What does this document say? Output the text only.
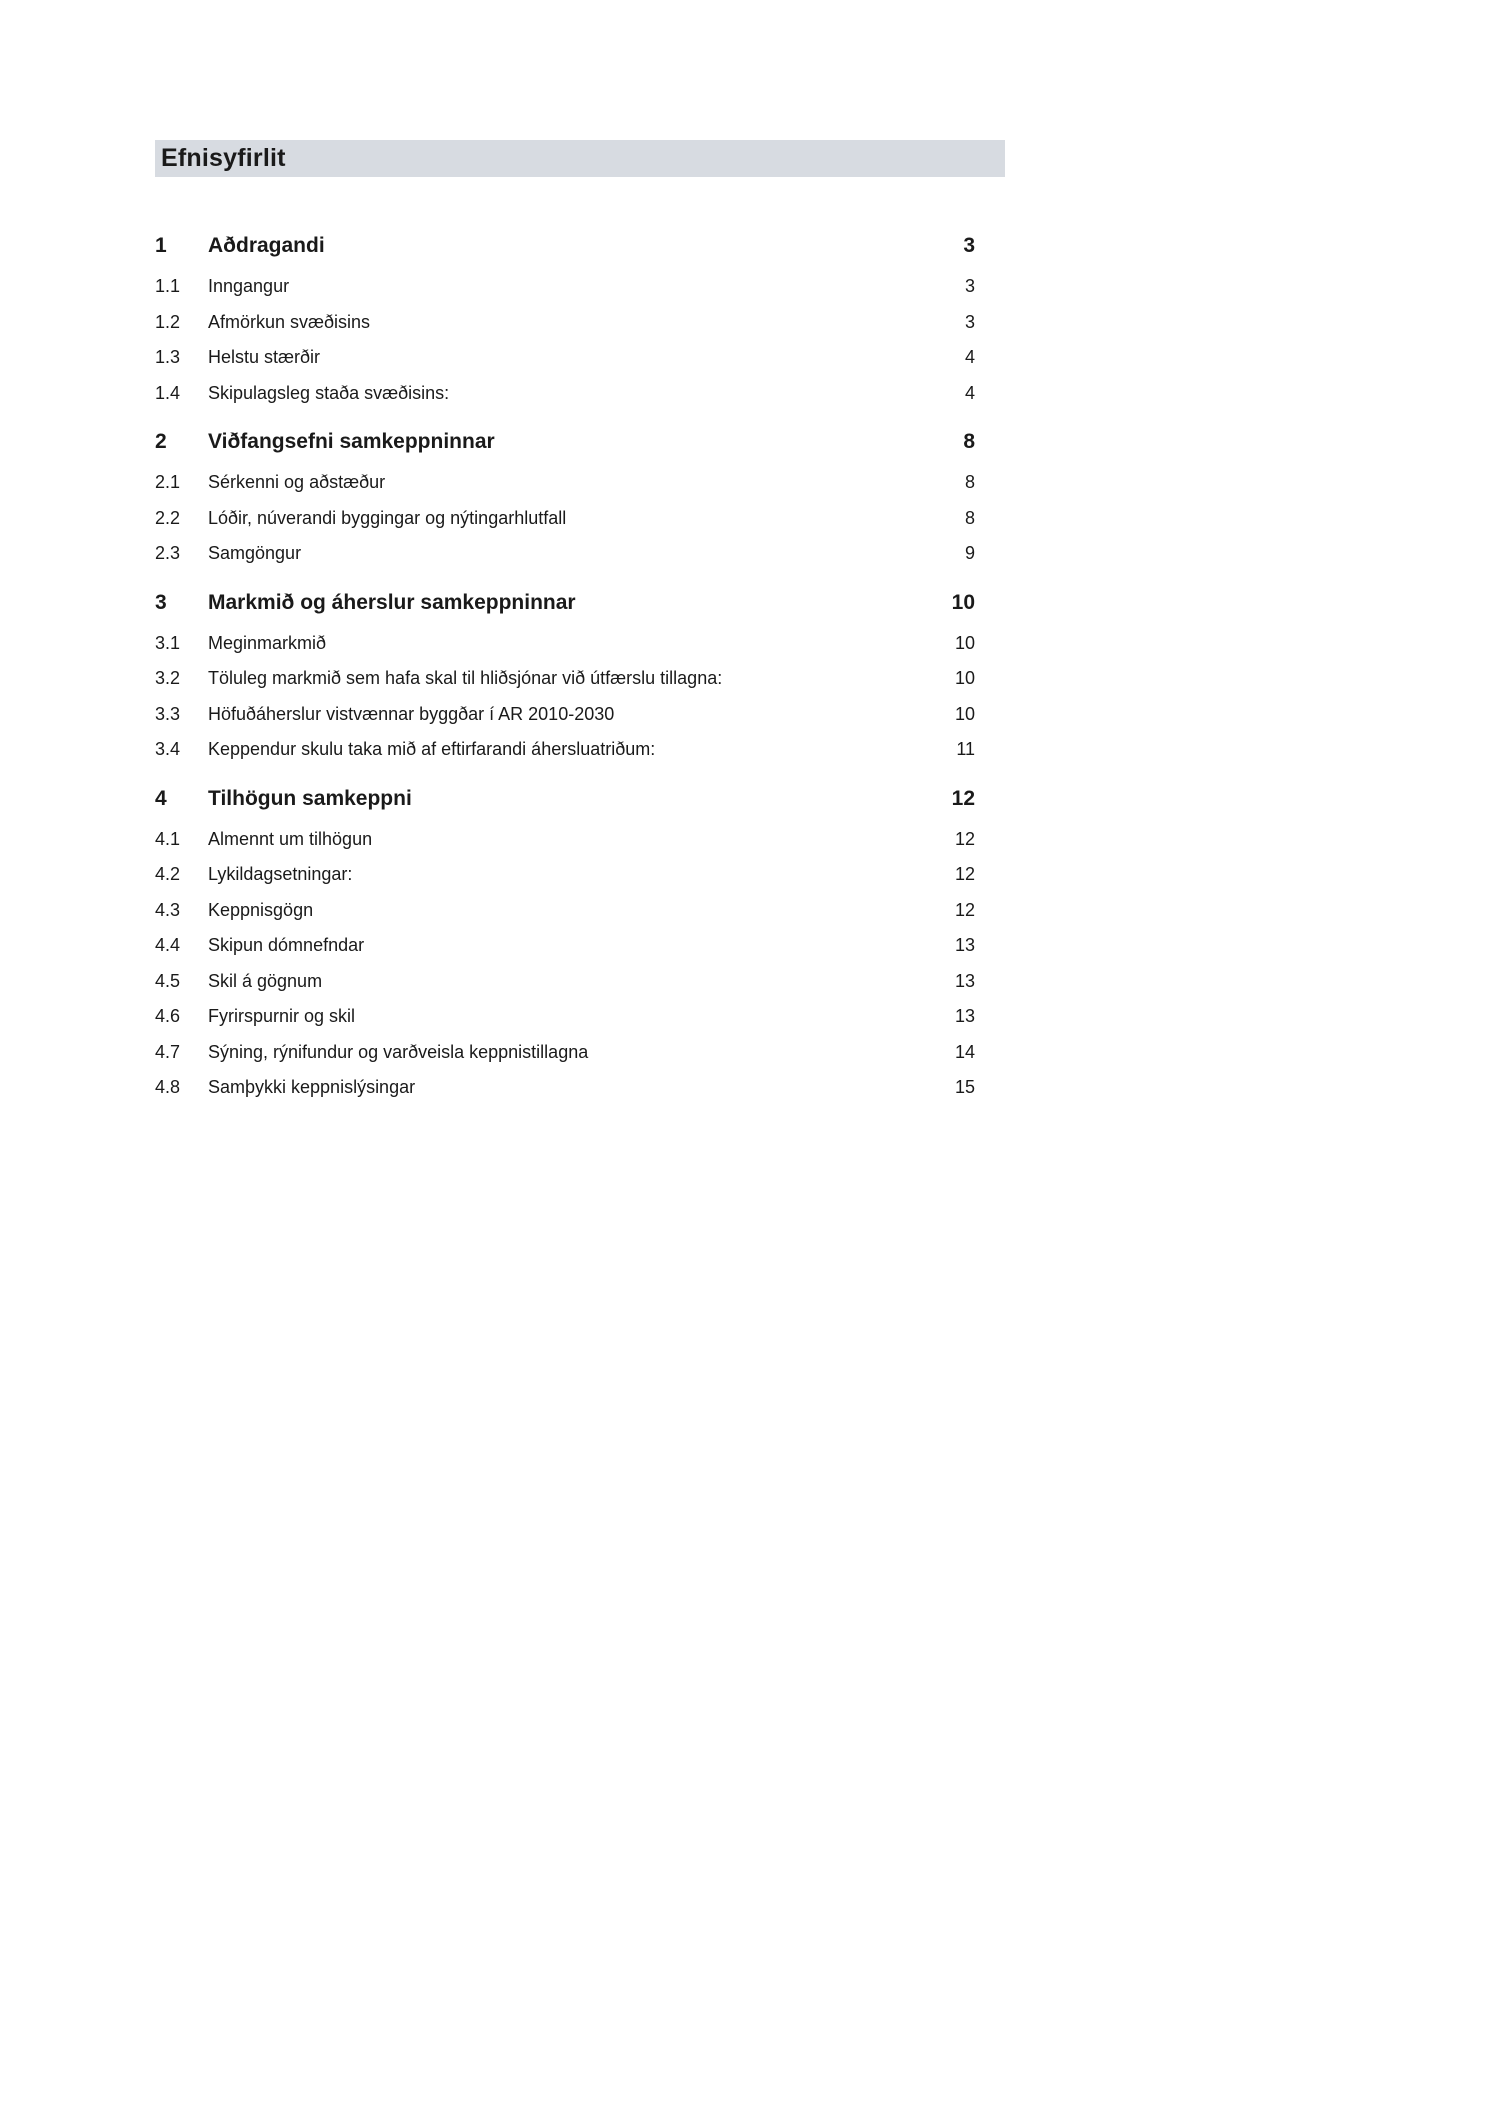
Efnisyfirlit
1	Aðdragandi	3
1.1	Inngangur	3
1.2	Afmörkun svæðisins	3
1.3	Helstu stærðir	4
1.4	Skipulagsleg staða svæðisins:	4
2	Viðfangsefni samkeppninnar	8
2.1	Sérkenni og aðstæður	8
2.2	Lóðir, núverandi byggingar og nýtingarhlutfall	8
2.3	Samgöngur	9
3	Markmið og áherslur samkeppninnar	10
3.1	Meginmarkmið	10
3.2	Töluleg markmið sem hafa skal til hliðsjónar við útfærslu tillagna:	10
3.3	Höfuðáherslur vistvænnar byggðar í AR 2010-2030	10
3.4	Keppendur skulu taka mið af eftirfarandi áhersluatriðum:	11
4	Tilhögun samkeppni	12
4.1	Almennt um tilhögun	12
4.2	Lykildagsetningar:	12
4.3	Keppnisgögn	12
4.4	Skipun dómnefndar	13
4.5	Skil á gögnum	13
4.6	Fyrirspurnir og skil	13
4.7	Sýning, rýnifundur og varðveisla keppnistillagna	14
4.8	Samþykki keppnislýsingar	15
